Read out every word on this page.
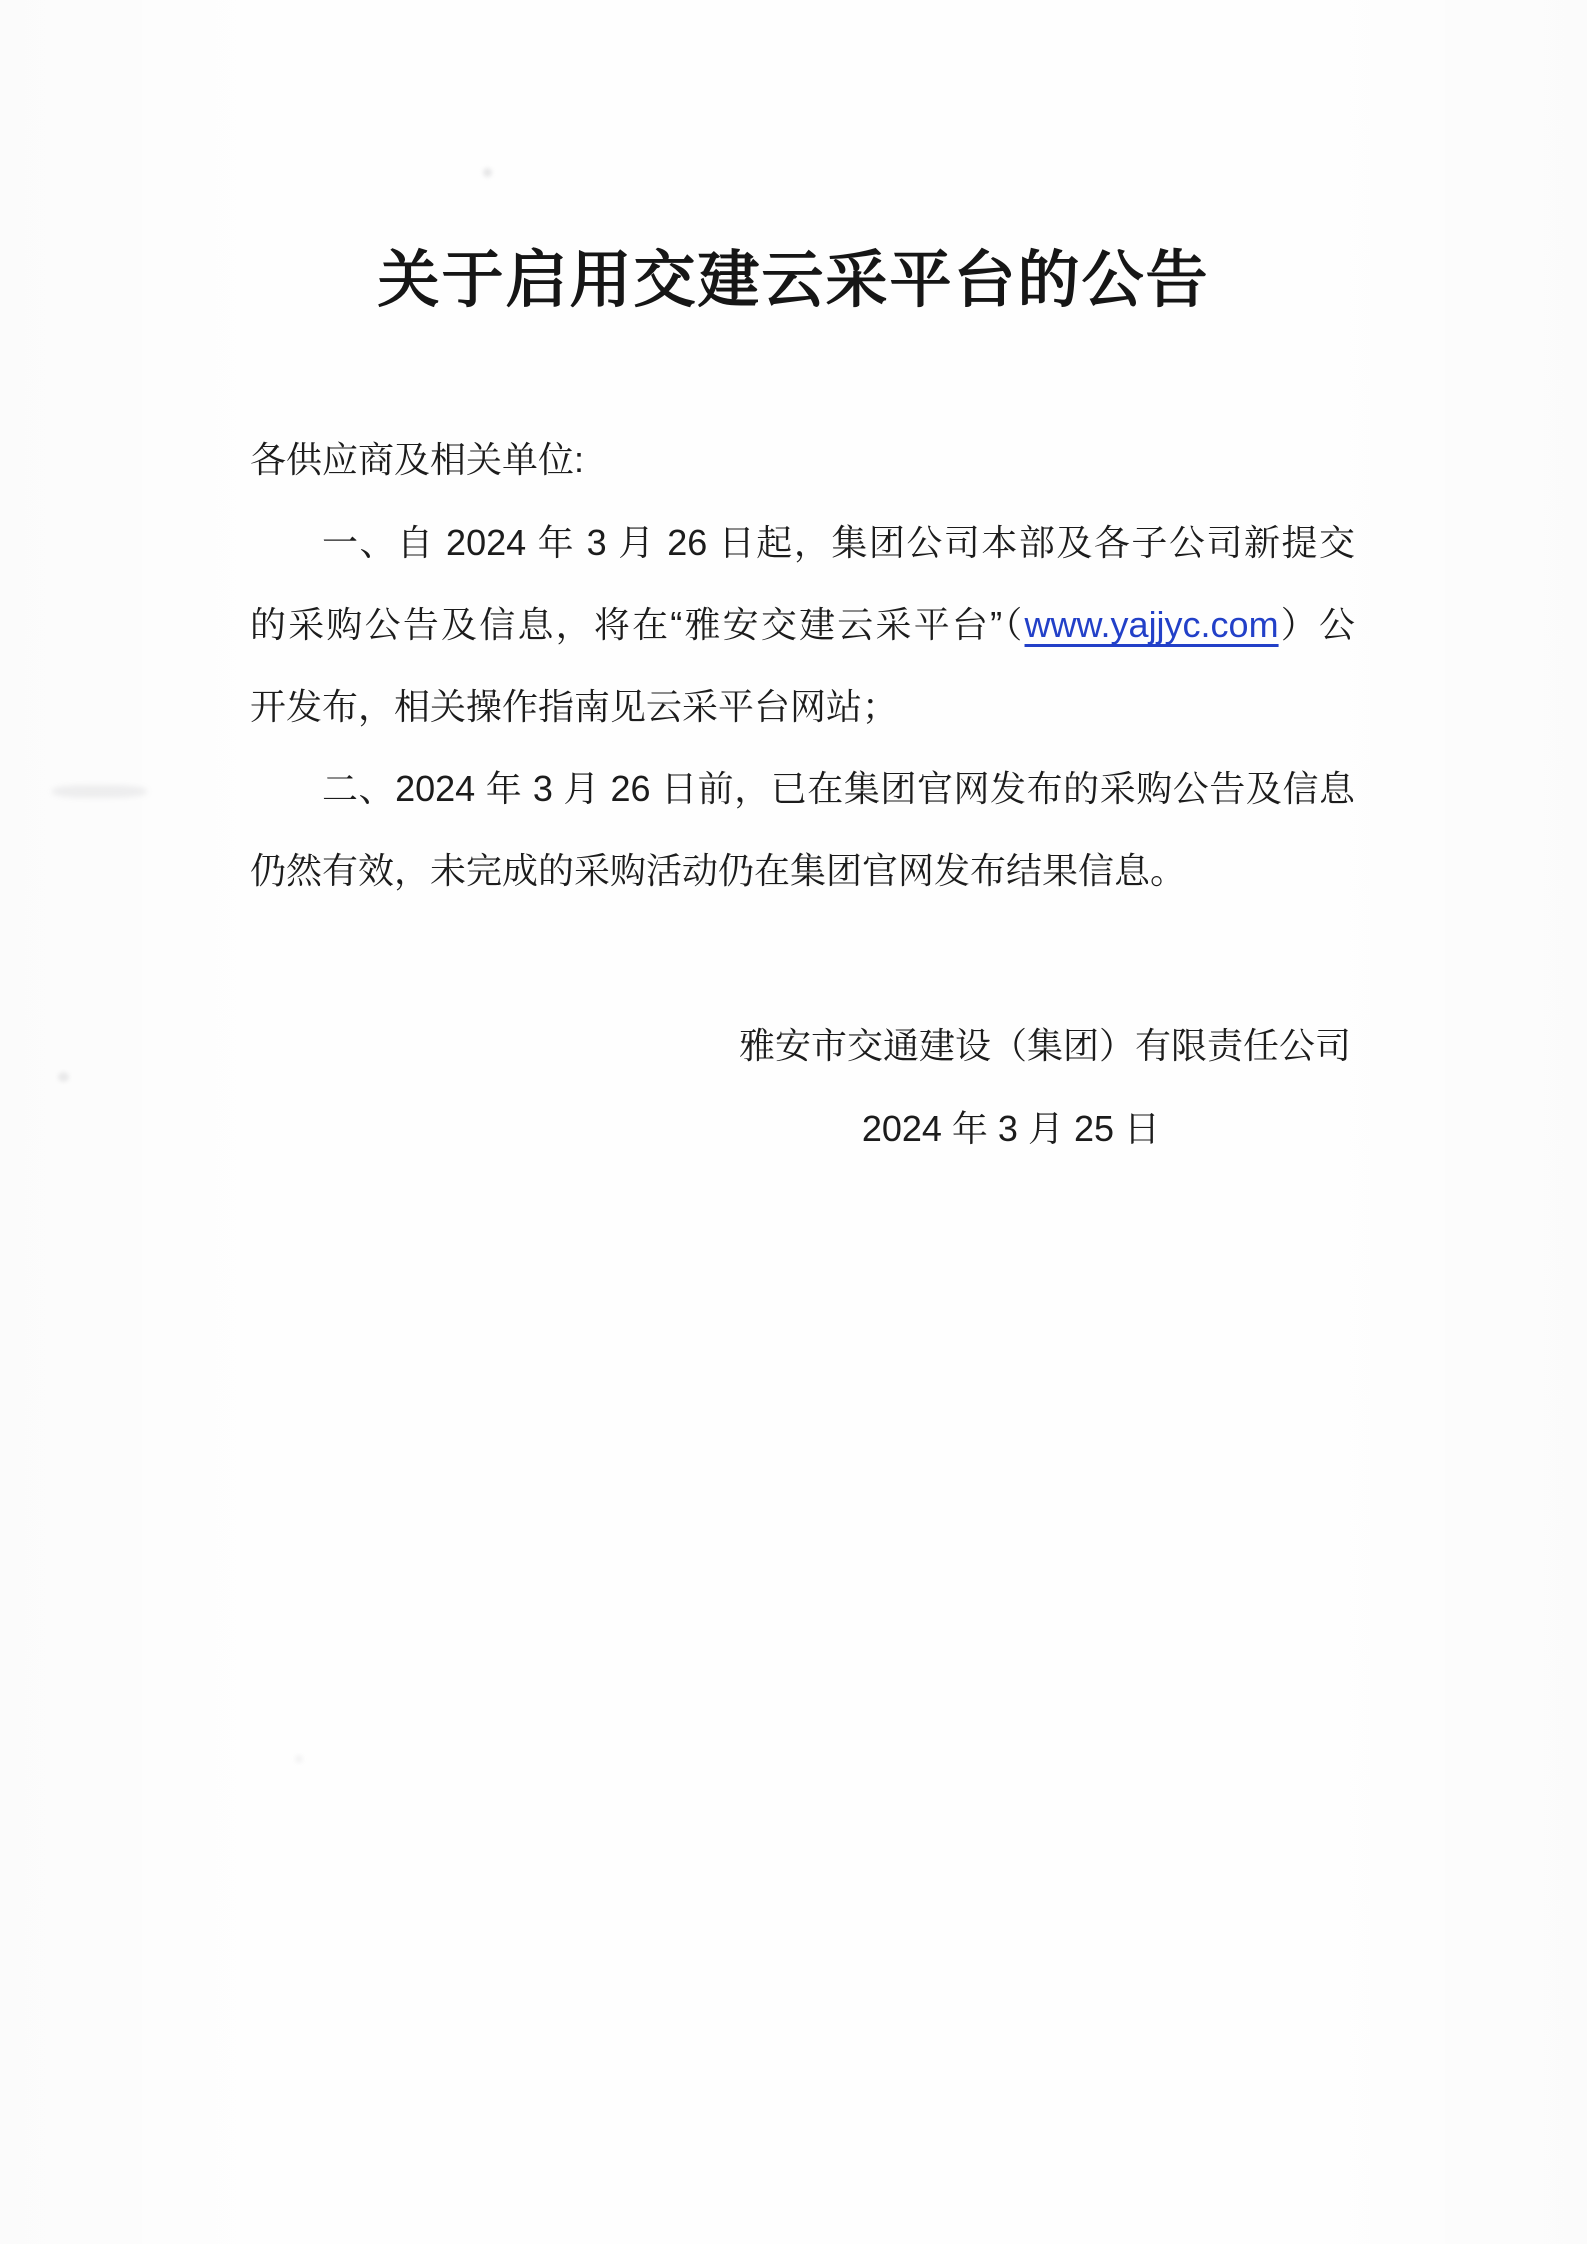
关于启用交建云采平台的公告
各供应商及相关单位:
一、自 2024 年 3 月 26 日起，集团公司本部及各子公司新提交
的采购公告及信息，将在“雅安交建云采平台”（www.yajjyc.com）公
开发布，相关操作指南见云采平台网站；
二、2024 年 3 月 26 日前，已在集团官网发布的采购公告及信息
仍然有效，未完成的采购活动仍在集团官网发布结果信息。
雅安市交通建设（集团）有限责任公司
2024 年 3 月 25 日
